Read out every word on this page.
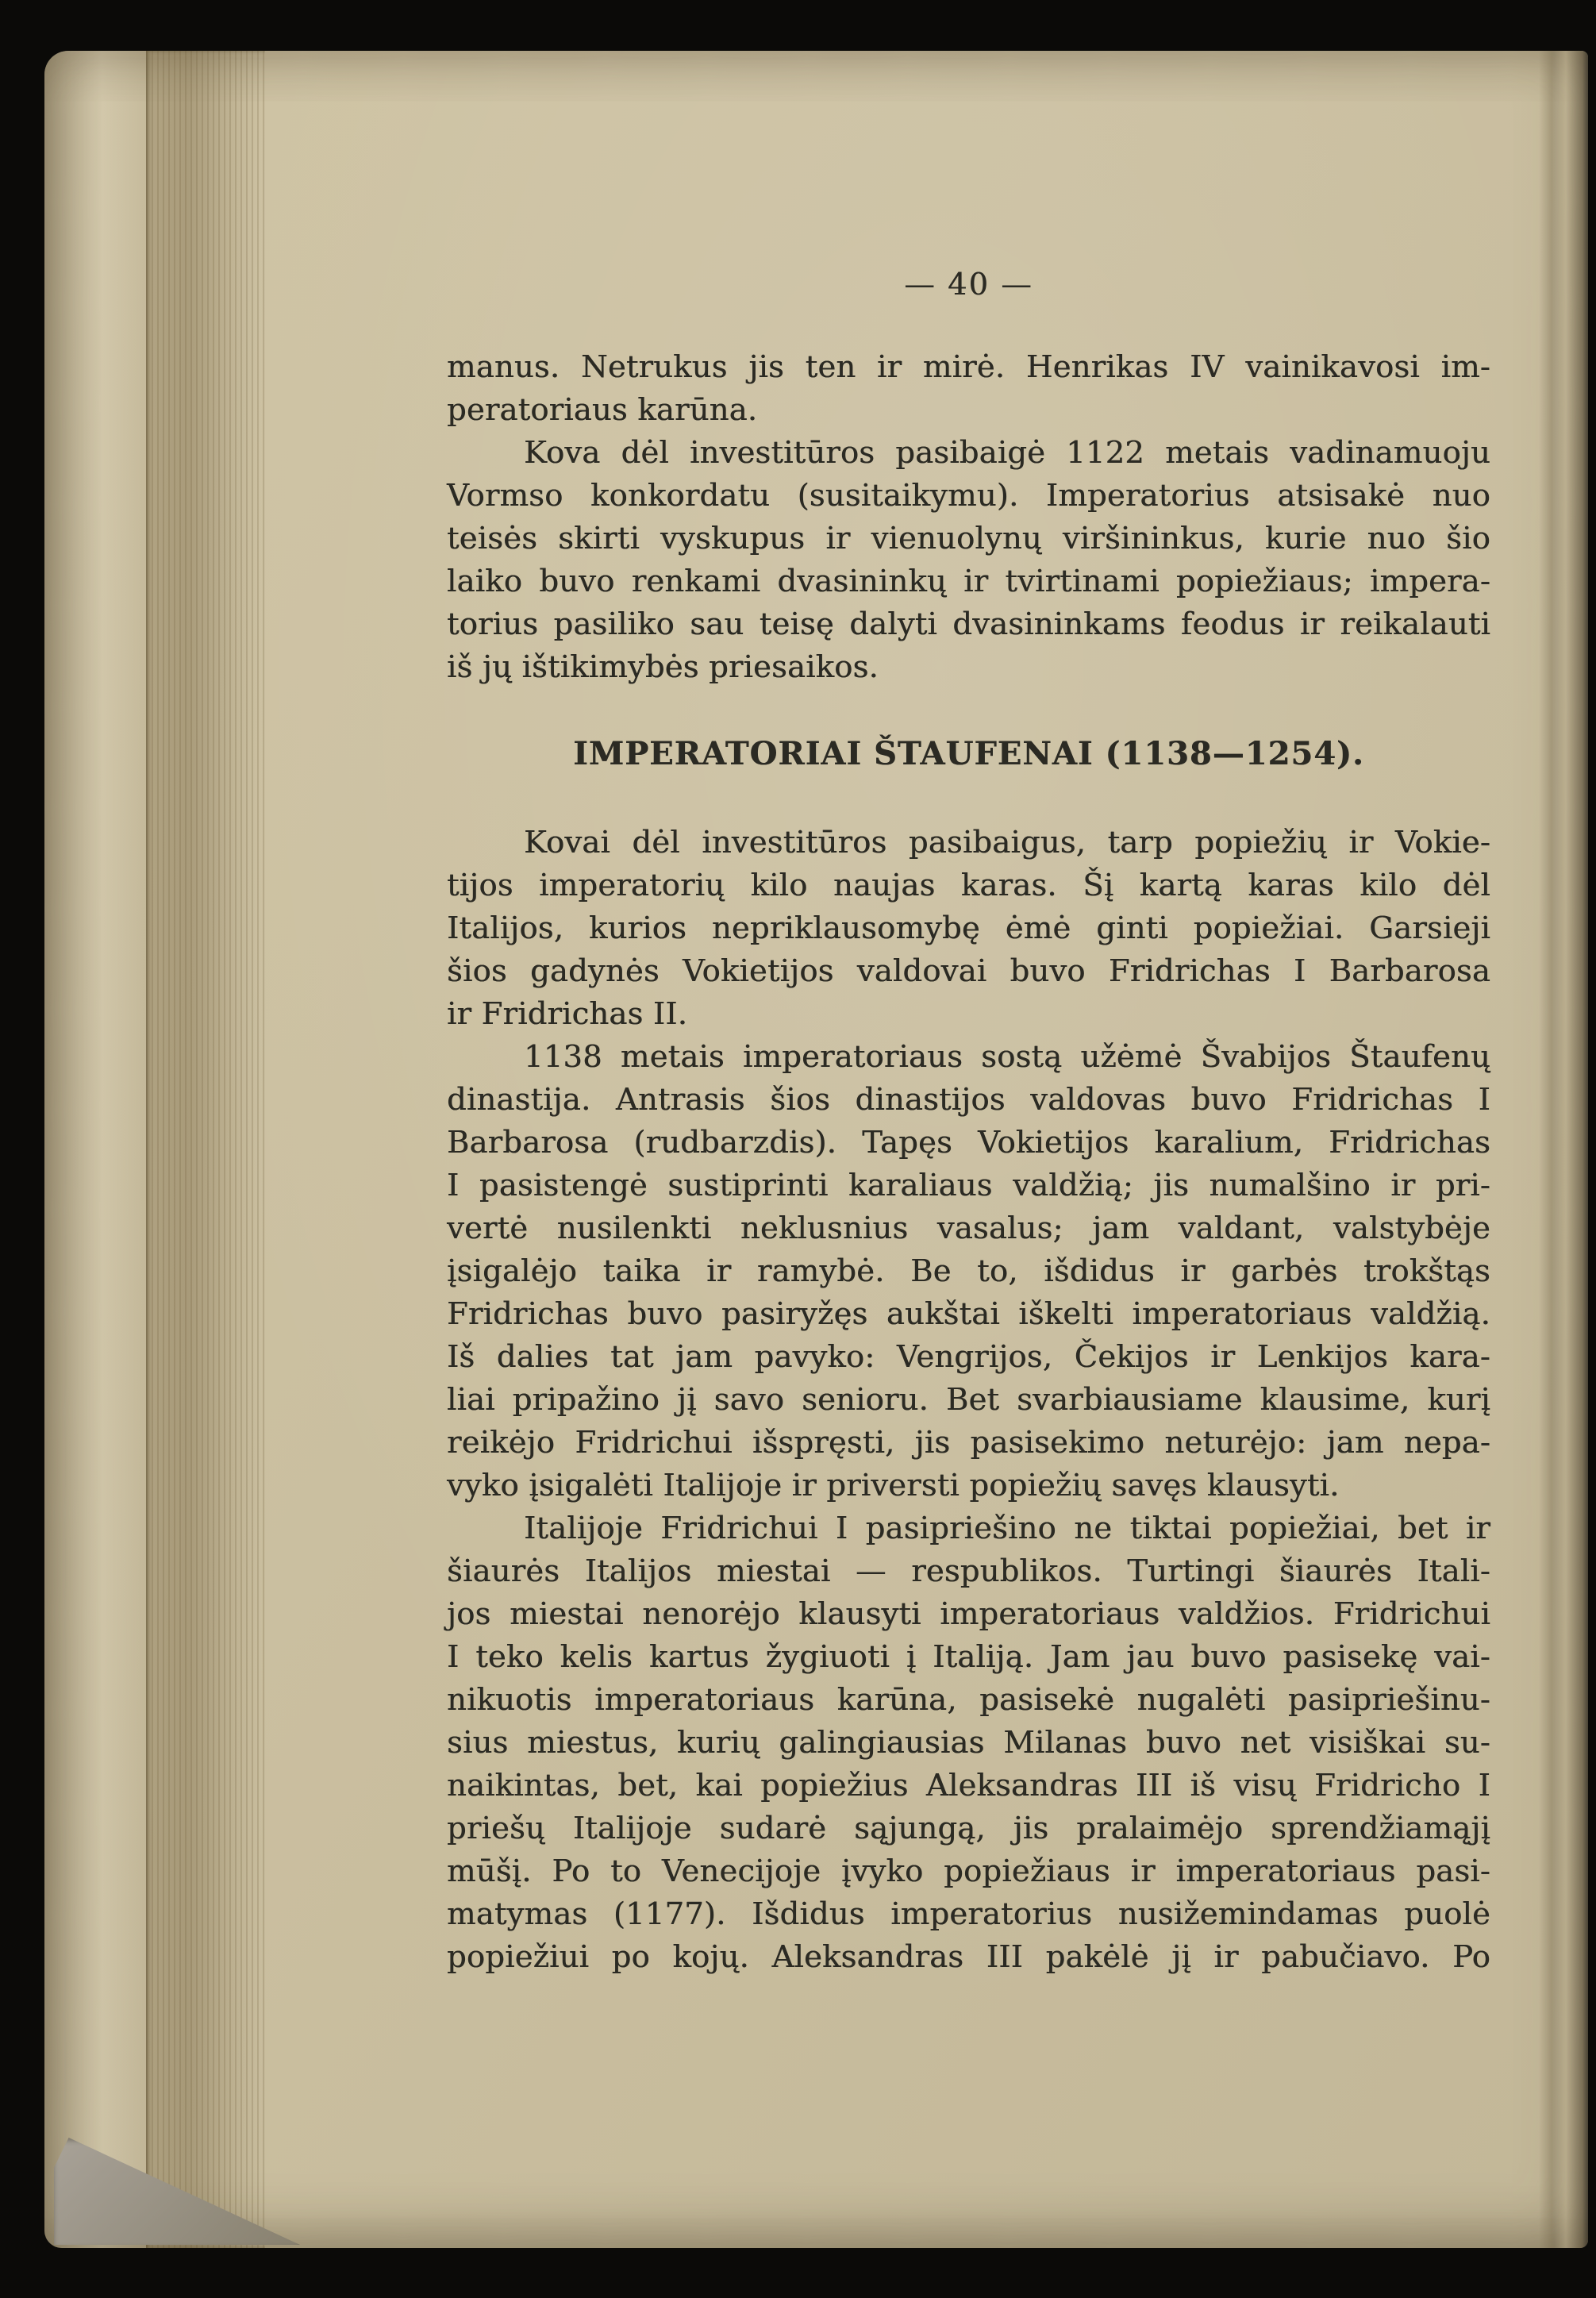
— 40 —
manus. Netrukus jis ten ir mirė. Henrikas IV vainikavosi im-
peratoriaus karūna.
Kova dėl investitūros pasibaigė 1122 metais vadinamuoju
Vormso konkordatu (susitaikymu). Imperatorius atsisakė nuo
teisės skirti vyskupus ir vienuolynų viršininkus, kurie nuo šio
laiko buvo renkami dvasininkų ir tvirtinami popiežiaus; impera-
torius pasiliko sau teisę dalyti dvasininkams feodus ir reikalauti
iš jų ištikimybės priesaikos.
IMPERATORIAI ŠTAUFENAI (1138—1254).
Kovai dėl investitūros pasibaigus, tarp popiežių ir Vokie-
tijos imperatorių kilo naujas karas. Šį kartą karas kilo dėl
Italijos, kurios nepriklausomybę ėmė ginti popiežiai. Garsieji
šios gadynės Vokietijos valdovai buvo Fridrichas I Barbarosa
ir Fridrichas II.
1138 metais imperatoriaus sostą užėmė Švabijos Štaufenų
dinastija. Antrasis šios dinastijos valdovas buvo Fridrichas I
Barbarosa (rudbarzdis). Tapęs Vokietijos karalium, Fridrichas
I pasistengė sustiprinti karaliaus valdžią; jis numalšino ir pri-
vertė nusilenkti neklusnius vasalus; jam valdant, valstybėje
įsigalėjo taika ir ramybė. Be to, išdidus ir garbės trokštąs
Fridrichas buvo pasiryžęs aukštai iškelti imperatoriaus valdžią.
Iš dalies tat jam pavyko: Vengrijos, Čekijos ir Lenkijos kara-
liai pripažino jį savo senioru. Bet svarbiausiame klausime, kurį
reikėjo Fridrichui išspręsti, jis pasisekimo neturėjo: jam nepa-
vyko įsigalėti Italijoje ir priversti popiežių savęs klausyti.
Italijoje Fridrichui I pasipriešino ne tiktai popiežiai, bet ir
šiaurės Italijos miestai — respublikos. Turtingi šiaurės Itali-
jos miestai nenorėjo klausyti imperatoriaus valdžios. Fridrichui
I teko kelis kartus žygiuoti į Italiją. Jam jau buvo pasisekę vai-
nikuotis imperatoriaus karūna, pasisekė nugalėti pasipriešinu-
sius miestus, kurių galingiausias Milanas buvo net visiškai su-
naikintas, bet, kai popiežius Aleksandras III iš visų Fridricho I
priešų Italijoje sudarė sąjungą, jis pralaimėjo sprendžiamąjį
mūšį. Po to Venecijoje įvyko popiežiaus ir imperatoriaus pasi-
matymas (1177). Išdidus imperatorius nusižemindamas puolė
popiežiui po kojų. Aleksandras III pakėlė jį ir pabučiavo. Po
